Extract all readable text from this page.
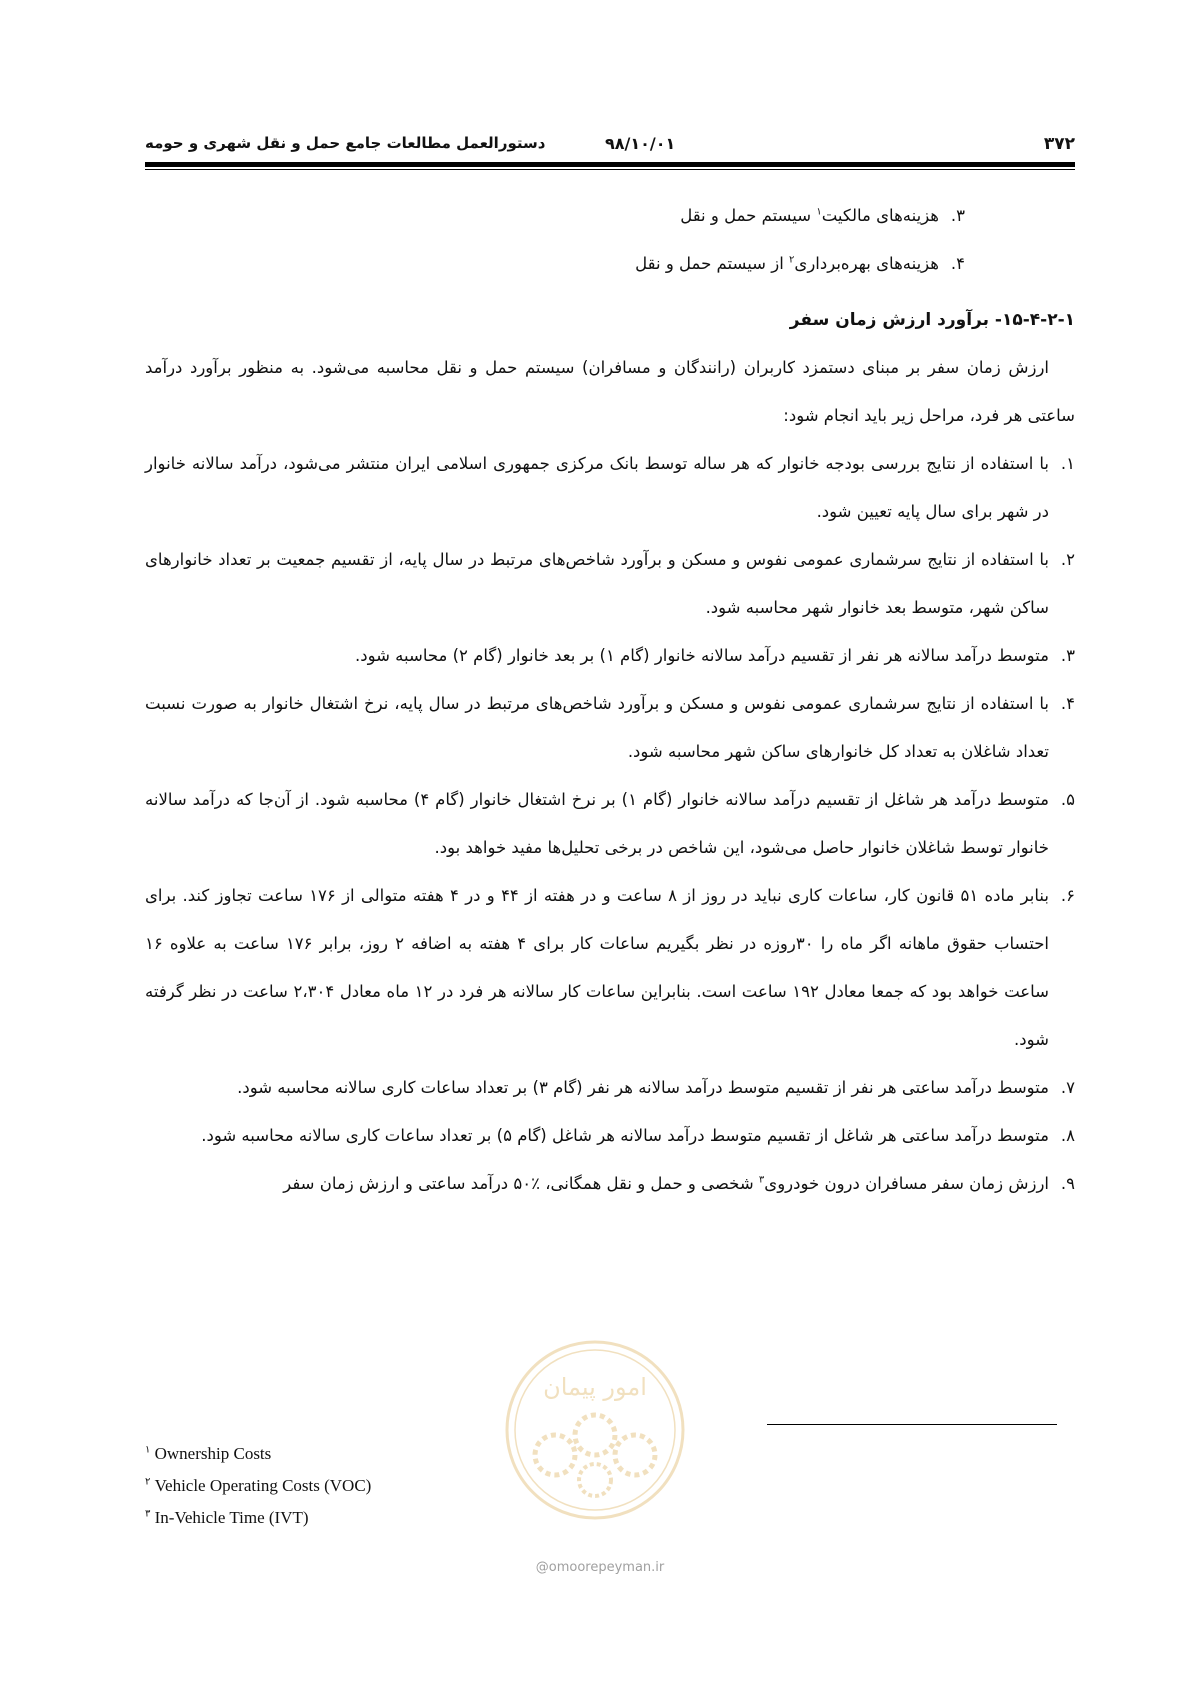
۳۷۲
۹۸/۱۰/۰۱
دستورالعمل مطالعات جامع حمل و نقل شهری و حومه
۳.هزینه‌های مالکیت$^۱$ سیستم حمل و نقل
۴.هزینه‌های بهره‌برداری$^۲$ از سیستم حمل و نقل
۱۵-۴-۲-۱- برآورد ارزش زمان سفر
ارزش زمان سفر بر مبنای دستمزد کاربران (رانندگان و مسافران) سیستم حمل و نقل محاسبه می‌شود. به منظور برآورد درآمد ساعتی هر فرد، مراحل زیر باید انجام شود:
۱.با استفاده از نتایج بررسی بودجه خانوار که هر ساله توسط بانک مرکزی جمهوری اسلامی ایران منتشر می‌شود، درآمد سالانه خانوار در شهر برای سال پایه تعیین شود.
۲.با استفاده از نتایج سرشماری عمومی نفوس و مسکن و برآورد شاخص‌های مرتبط در سال پایه، از تقسیم جمعیت بر تعداد خانوارهای ساکن شهر، متوسط بعد خانوار شهر محاسبه شود.
۳.متوسط درآمد سالانه هر نفر از تقسیم درآمد سالانه خانوار (گام ۱) بر بعد خانوار (گام ۲) محاسبه شود.
۴.با استفاده از نتایج سرشماری عمومی نفوس و مسکن و برآورد شاخص‌های مرتبط در سال پایه، نرخ اشتغال خانوار به صورت نسبت تعداد شاغلان به تعداد کل خانوارهای ساکن شهر محاسبه شود.
۵.متوسط درآمد هر شاغل از تقسیم درآمد سالانه خانوار (گام ۱) بر نرخ اشتغال خانوار (گام ۴) محاسبه شود. از آن‌جا که درآمد سالانه خانوار توسط شاغلان خانوار حاصل می‌شود، این شاخص در برخی تحلیل‌ها مفید خواهد بود.
۶.بنابر ماده ۵۱ قانون کار، ساعات کاری نباید در روز از ۸ ساعت و در هفته از ۴۴ و در ۴ هفته متوالی از ۱۷۶ ساعت تجاوز کند. برای احتساب حقوق ماهانه اگر ماه را ۳۰روزه در نظر بگیریم ساعات کار برای ۴ هفته به اضافه ۲ روز، برابر ۱۷۶ ساعت به علاوه ۱۶ ساعت خواهد بود که جمعا معادل ۱۹۲ ساعت است. بنابراین ساعات کار سالانه هر فرد در ۱۲ ماه معادل ۲،۳۰۴ ساعت در نظر گرفته شود.
۷.متوسط درآمد ساعتی هر نفر از تقسیم متوسط درآمد سالانه هر نفر (گام ۳) بر تعداد ساعات کاری سالانه محاسبه شود.
۸.متوسط درآمد ساعتی هر شاغل از تقسیم متوسط درآمد سالانه هر شاغل (گام ۵) بر تعداد ساعات کاری سالانه محاسبه شود.
۹.ارزش زمان سفر مسافران درون خودروی$^۳$ شخصی و حمل و نقل همگانی، ٪۵۰ درآمد ساعتی و ارزش زمان سفر
$^۱$ Ownership Costs
$^۲$ Vehicle Operating Costs (VOC)
$^۳$ In-Vehicle Time (IVT)
امور پیمان
@omoorepeyman.ir
